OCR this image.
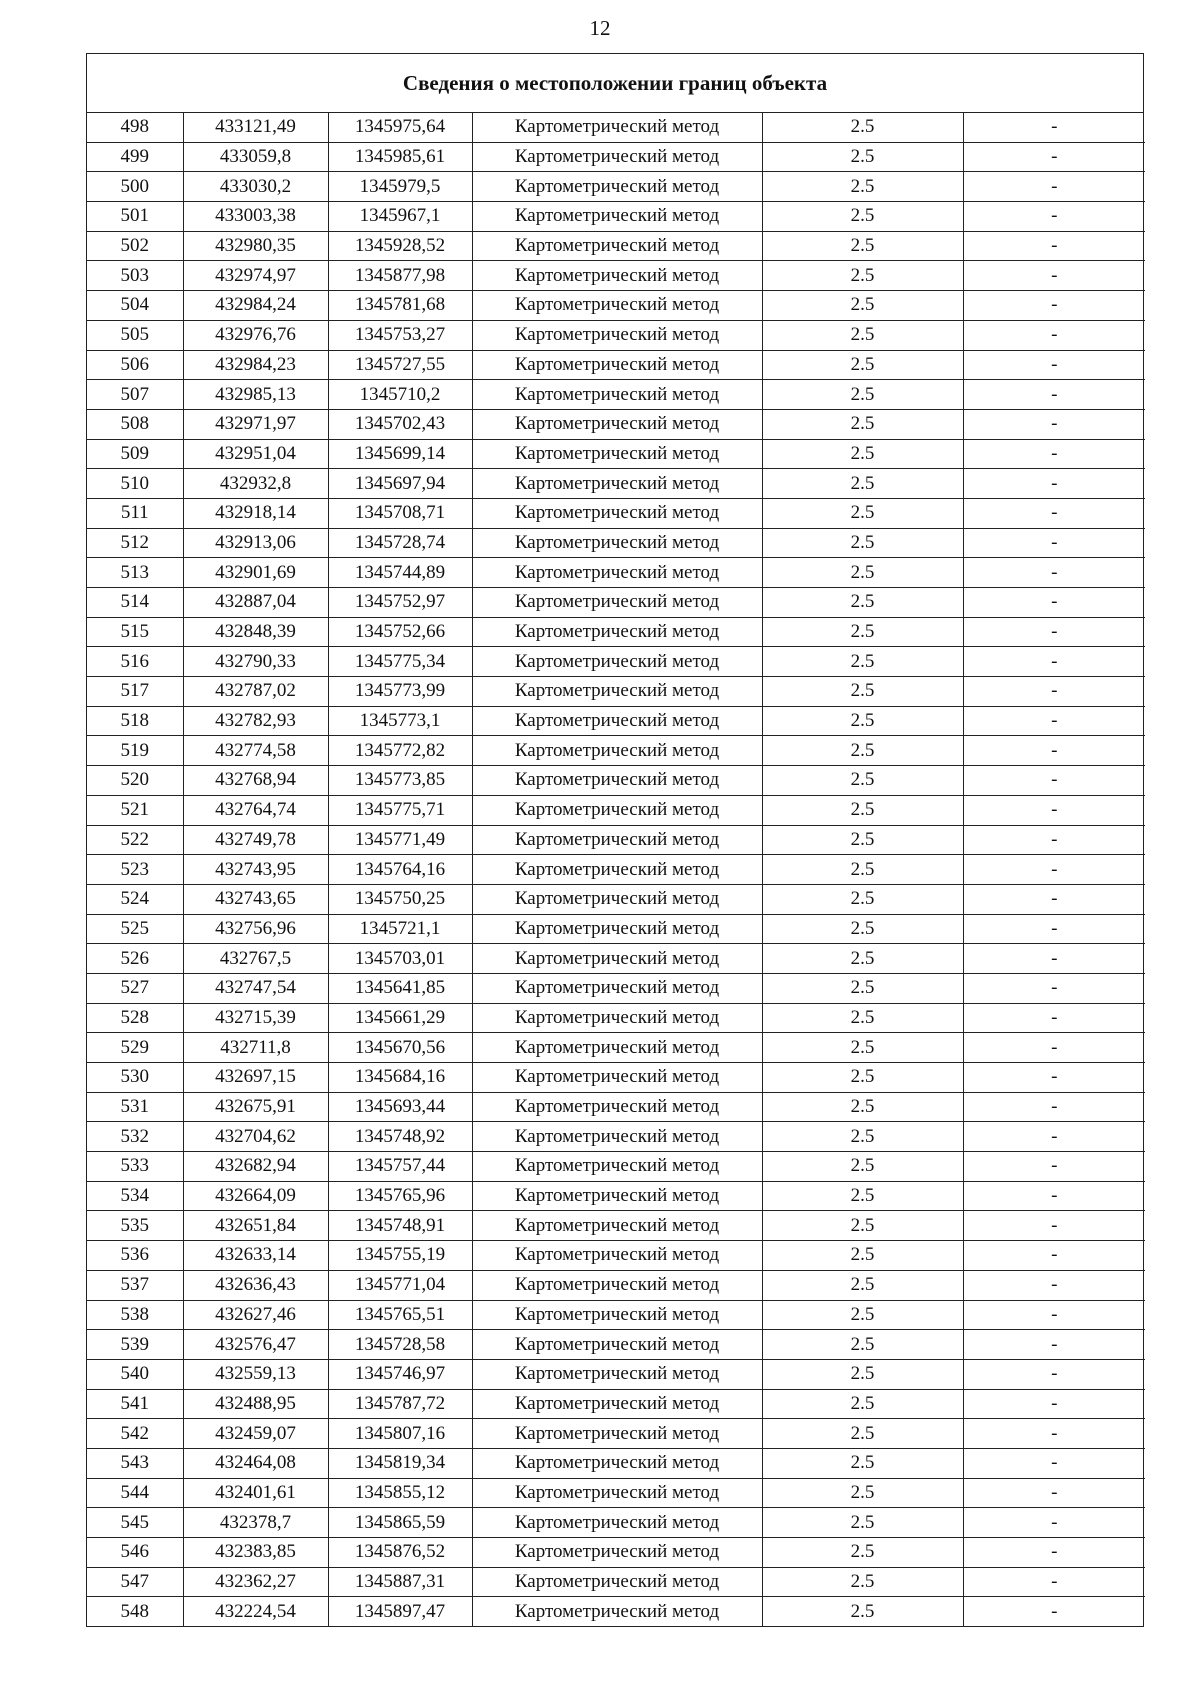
12
Сведения о местоположении границ объекта
498	433121,49	1345975,64	Картометрический метод	2.5	-
499	433059,8	1345985,61	Картометрический метод	2.5	-
500	433030,2	1345979,5	Картометрический метод	2.5	-
501	433003,38	1345967,1	Картометрический метод	2.5	-
502	432980,35	1345928,52	Картометрический метод	2.5	-
503	432974,97	1345877,98	Картометрический метод	2.5	-
504	432984,24	1345781,68	Картометрический метод	2.5	-
505	432976,76	1345753,27	Картометрический метод	2.5	-
506	432984,23	1345727,55	Картометрический метод	2.5	-
507	432985,13	1345710,2	Картометрический метод	2.5	-
508	432971,97	1345702,43	Картометрический метод	2.5	-
509	432951,04	1345699,14	Картометрический метод	2.5	-
510	432932,8	1345697,94	Картометрический метод	2.5	-
511	432918,14	1345708,71	Картометрический метод	2.5	-
512	432913,06	1345728,74	Картометрический метод	2.5	-
513	432901,69	1345744,89	Картометрический метод	2.5	-
514	432887,04	1345752,97	Картометрический метод	2.5	-
515	432848,39	1345752,66	Картометрический метод	2.5	-
516	432790,33	1345775,34	Картометрический метод	2.5	-
517	432787,02	1345773,99	Картометрический метод	2.5	-
518	432782,93	1345773,1	Картометрический метод	2.5	-
519	432774,58	1345772,82	Картометрический метод	2.5	-
520	432768,94	1345773,85	Картометрический метод	2.5	-
521	432764,74	1345775,71	Картометрический метод	2.5	-
522	432749,78	1345771,49	Картометрический метод	2.5	-
523	432743,95	1345764,16	Картометрический метод	2.5	-
524	432743,65	1345750,25	Картометрический метод	2.5	-
525	432756,96	1345721,1	Картометрический метод	2.5	-
526	432767,5	1345703,01	Картометрический метод	2.5	-
527	432747,54	1345641,85	Картометрический метод	2.5	-
528	432715,39	1345661,29	Картометрический метод	2.5	-
529	432711,8	1345670,56	Картометрический метод	2.5	-
530	432697,15	1345684,16	Картометрический метод	2.5	-
531	432675,91	1345693,44	Картометрический метод	2.5	-
532	432704,62	1345748,92	Картометрический метод	2.5	-
533	432682,94	1345757,44	Картометрический метод	2.5	-
534	432664,09	1345765,96	Картометрический метод	2.5	-
535	432651,84	1345748,91	Картометрический метод	2.5	-
536	432633,14	1345755,19	Картометрический метод	2.5	-
537	432636,43	1345771,04	Картометрический метод	2.5	-
538	432627,46	1345765,51	Картометрический метод	2.5	-
539	432576,47	1345728,58	Картометрический метод	2.5	-
540	432559,13	1345746,97	Картометрический метод	2.5	-
541	432488,95	1345787,72	Картометрический метод	2.5	-
542	432459,07	1345807,16	Картометрический метод	2.5	-
543	432464,08	1345819,34	Картометрический метод	2.5	-
544	432401,61	1345855,12	Картометрический метод	2.5	-
545	432378,7	1345865,59	Картометрический метод	2.5	-
546	432383,85	1345876,52	Картометрический метод	2.5	-
547	432362,27	1345887,31	Картометрический метод	2.5	-
548	432224,54	1345897,47	Картометрический метод	2.5	-
